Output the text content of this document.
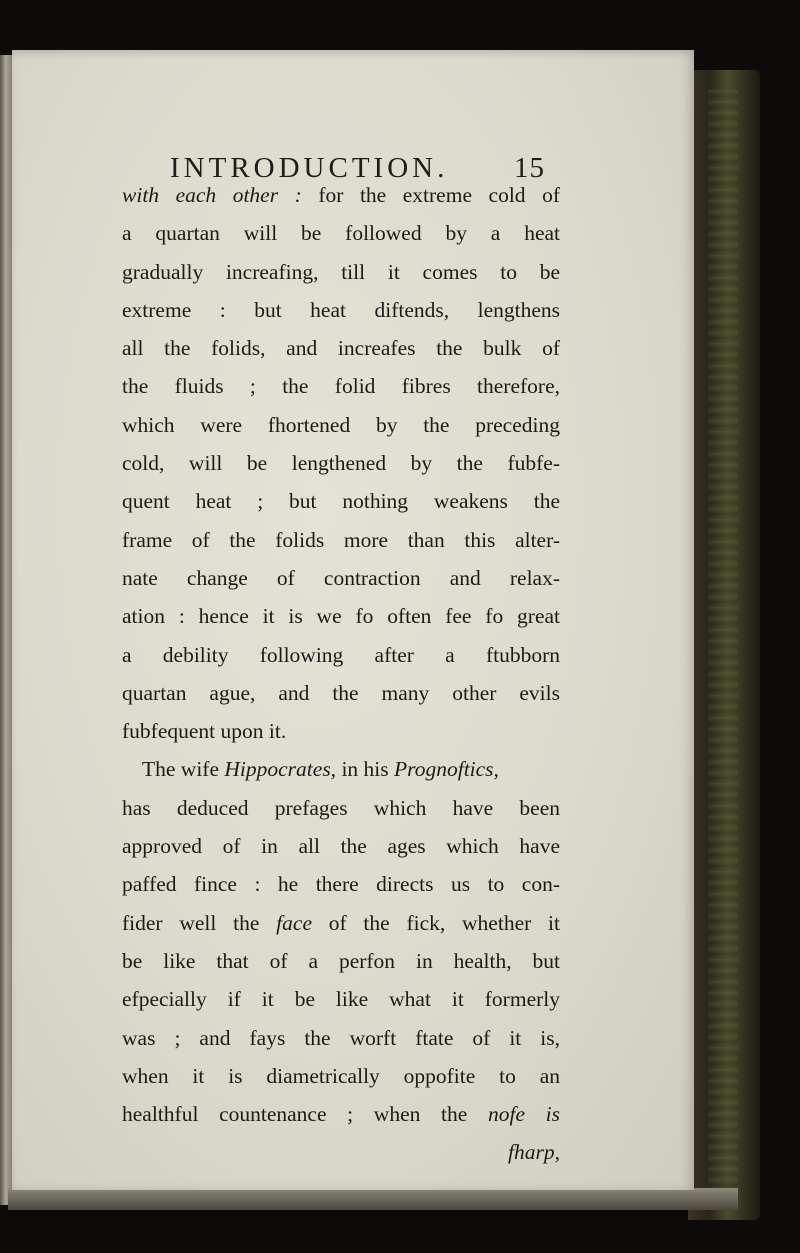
INTRODUCTION. 15
with each other : for the extreme cold of
a quartan will be followed by a heat
gradually increafing, till it comes to be
extreme : but heat diftends, lengthens
all the folids, and increafes the bulk of
the fluids ; the folid fibres therefore,
which were fhortened by the preceding
cold, will be lengthened by the fubfe-
quent heat ; but nothing weakens the
frame of the folids more than this alter-
nate change of contraction and relax-
ation : hence it is we fo often fee fo great
a debility following after a ftubborn
quartan ague, and the many other evils
fubfequent upon it.
The wife Hippocrates, in his Prognoftics,
has deduced prefages which have been
approved of in all the ages which have
paffed fince : he there directs us to con-
fider well the face of the fick, whether it
be like that of a perfon in health, but
efpecially if it be like what it formerly
was ; and fays the worft ftate of it is,
when it is diametrically oppofite to an
healthful countenance ; when the nofe is
fharp,
